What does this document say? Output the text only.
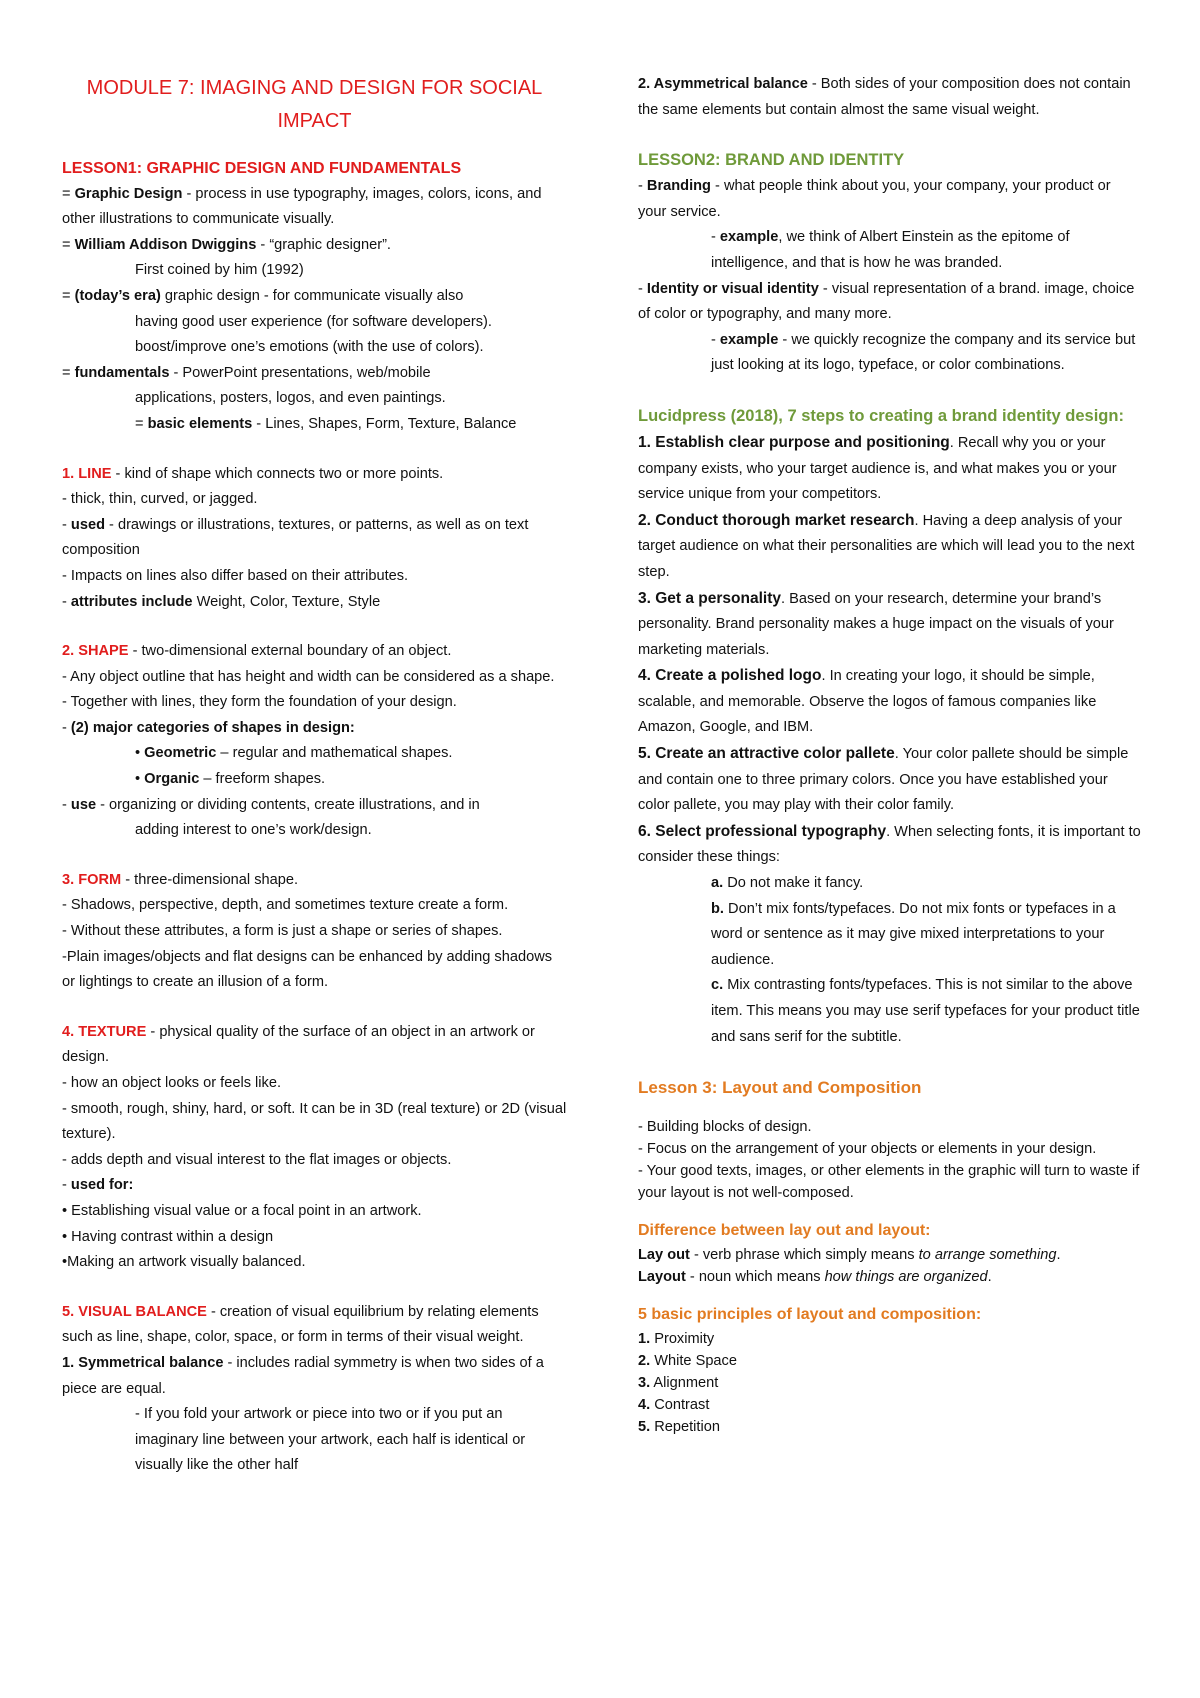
MODULE 7: IMAGING AND DESIGN FOR SOCIAL IMPACT

LESSON1: GRAPHIC DESIGN AND FUNDAMENTALS

= Graphic Design - process in use typography, images, colors, icons, and other illustrations to communicate visually.

= William Addison Dwiggins - “graphic designer”.

First coined by him (1992)

= (today’s era) graphic design - for communicate visually also

having good user experience (for software developers).

boost/improve one’s emotions (with the use of colors).

= fundamentals - PowerPoint presentations, web/mobile

applications, posters, logos, and even paintings.

= basic elements - Lines, Shapes, Form, Texture, Balance

1. LINE - kind of shape which connects two or more points.

- thick, thin, curved, or jagged.

- used - drawings or illustrations, textures, or patterns, as well as on text composition

- Impacts on lines also differ based on their attributes.

- attributes include Weight, Color, Texture, Style

2. SHAPE - two-dimensional external boundary of an object.

- Any object outline that has height and width can be considered as a shape.

- Together with lines, they form the foundation of your design.

- (2) major categories of shapes in design:

• Geometric – regular and mathematical shapes.

• Organic – freeform shapes.

- use - organizing or dividing contents, create illustrations, and in

adding interest to one’s work/design.

3. FORM - three-dimensional shape.

- Shadows, perspective, depth, and sometimes texture create a form.

- Without these attributes, a form is just a shape or series of shapes.

-Plain images/objects and flat designs can be enhanced by adding shadows or lightings to create an illusion of a form.

4. TEXTURE - physical quality of the surface of an object in an artwork or design.

- how an object looks or feels like.

- smooth, rough, shiny, hard, or soft. It can be in 3D (real texture) or 2D (visual texture).

- adds depth and visual interest to the flat images or objects.

- used for:

• Establishing visual value or a focal point in an artwork.

• Having contrast within a design

•Making an artwork visually balanced.

5. VISUAL BALANCE - creation of visual equilibrium by relating elements such as line, shape, color, space, or form in terms of their visual weight.

1. Symmetrical balance - includes radial symmetry is when two sides of a piece are equal.

- If you fold your artwork or piece into two or if you put an imaginary line between your artwork, each half is identical or visually like the other half

2. Asymmetrical balance - Both sides of your composition does not contain the same elements but contain almost the same visual weight.

LESSON2: BRAND AND IDENTITY

- Branding - what people think about you, your company, your product or your service.

- example, we think of Albert Einstein as the epitome of intelligence, and that is how he was branded.

- Identity or visual identity - visual representation of a brand. image, choice of color or typography, and many more.

- example - we quickly recognize the company and its service but just looking at its logo, typeface, or color combinations.

Lucidpress (2018), 7 steps to creating a brand identity design:

1. Establish clear purpose and positioning. Recall why you or your company exists, who your target audience is, and what makes you or your service unique from your competitors.

2. Conduct thorough market research. Having a deep analysis of your target audience on what their personalities are which will lead you to the next step.

3. Get a personality. Based on your research, determine your brand’s personality. Brand personality makes a huge impact on the visuals of your marketing materials.

4. Create a polished logo. In creating your logo, it should be simple, scalable, and memorable. Observe the logos of famous companies like Amazon, Google, and IBM.

5. Create an attractive color pallete. Your color pallete should be simple and contain one to three primary colors. Once you have established your color pallete, you may play with their color family.

6. Select professional typography. When selecting fonts, it is important to consider these things:

a. Do not make it fancy.

b. Don’t mix fonts/typefaces. Do not mix fonts or typefaces in a word or sentence as it may give mixed interpretations to your audience.

c. Mix contrasting fonts/typefaces. This is not similar to the above item. This means you may use serif typefaces for your product title and sans serif for the subtitle.

Lesson 3: Layout and Composition

- Building blocks of design.

- Focus on the arrangement of your objects or elements in your design.

- Your good texts, images, or other elements in the graphic will turn to waste if your layout is not well-composed.

Difference between lay out and layout:

Lay out - verb phrase which simply means to arrange something.

Layout - noun which means how things are organized.

5 basic principles of layout and composition:

1. Proximity

2. White Space

3. Alignment

4. Contrast

5. Repetition
